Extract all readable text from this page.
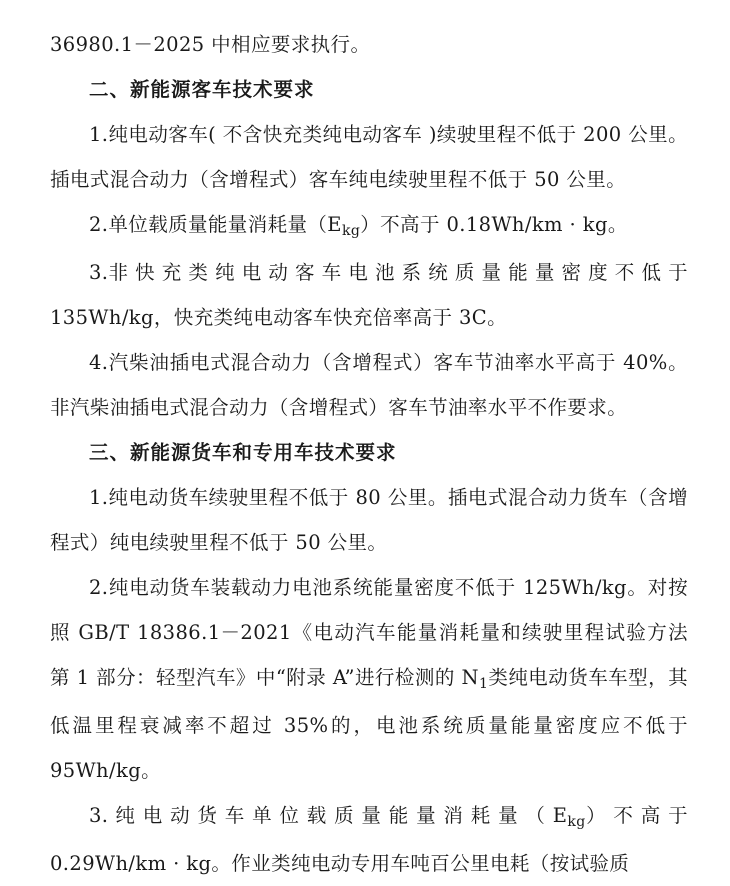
36980.1－2025 中相应要求执行。

二、新能源客车技术要求

1.纯电动客车( 不含快充类纯电动客车 )续驶里程不低于 200 公里。插电式混合动力（含增程式）客车纯电续驶里程不低于 50 公里。

2.单位载质量能量消耗量$(E_{kg})$不高于 0.18Wh/km · kg。

3.非 快 充 类 纯 电 动 客 车 电 池 系 统 质 量 能 量 密 度 不 低 于 135Wh/kg，快充类纯电动客车快充倍率高于 3C。

4.汽柴油插电式混合动力（含增程式）客车节油率水平高于 40%。非汽柴油插电式混合动力（含增程式）客车节油率水平不作要求。

三、新能源货车和专用车技术要求

1.纯电动货车续驶里程不低于 80 公里。插电式混合动力货车（含增程式）纯电续驶里程不低于 50 公里。

2.纯电动货车装载动力电池系统能量密度不低于 125Wh/kg。对按照 GB/T 18386.1－2021《电动汽车能量消耗量和续驶里程试验方法 第 1 部分：轻型汽车》中“附录 A”进行检测的 $N_1$类纯电动货车车型，其低温里程衰减率不超过 35%的，电池系统质量能量密度应不低于 95Wh/kg。

3. 纯 电 动 货 车 单 位 载 质 量 能 量 消 耗 量 （ $E_{kg}$） 不 高 于 0.29Wh/km · kg。作业类纯电动专用车吨百公里电耗（按试验质
